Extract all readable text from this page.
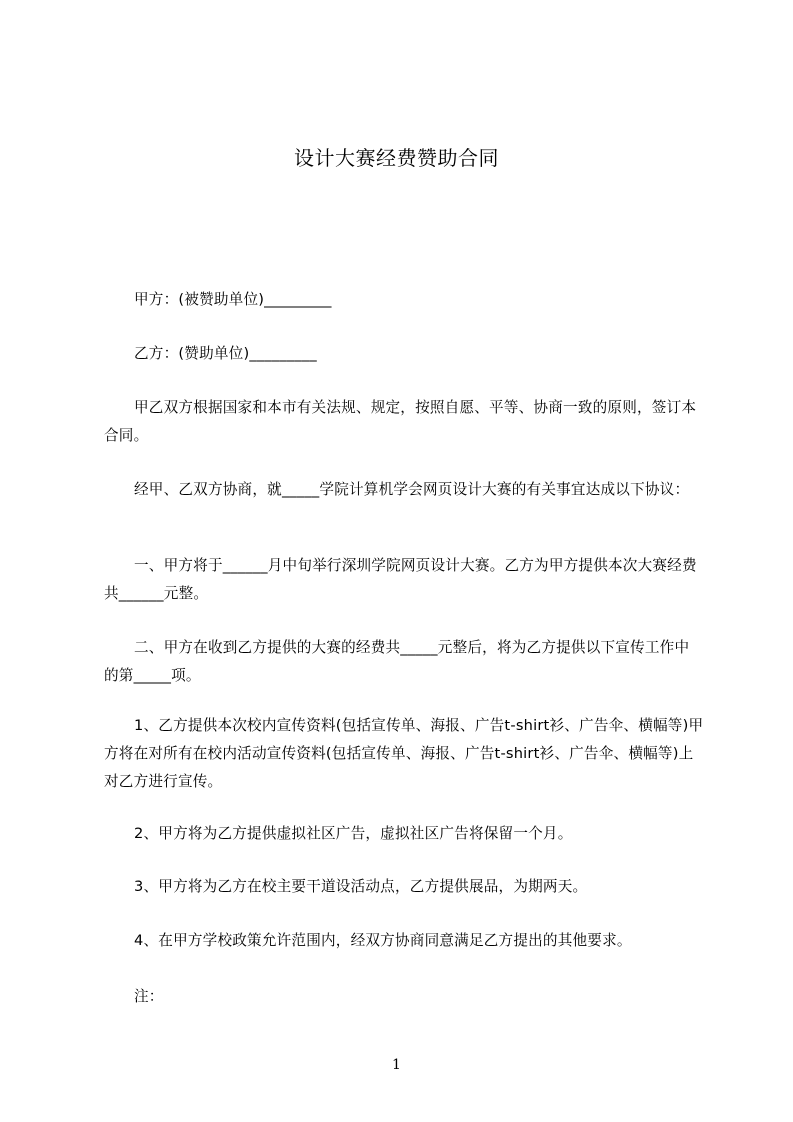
设计大赛经费赞助合同
甲方：(被赞助单位)_________
乙方：(赞助单位)_________
甲乙双方根据国家和本市有关法规、规定，按照自愿、平等、协商一致的原则，签订本合同。
经甲、乙双方协商，就_____学院计算机学会网页设计大赛的有关事宜达成以下协议：
一、甲方将于______月中旬举行深圳学院网页设计大赛。乙方为甲方提供本次大赛经费共______元整。
二、甲方在收到乙方提供的大赛的经费共_____元整后，将为乙方提供以下宣传工作中的第_____项。
1、乙方提供本次校内宣传资料(包括宣传单、海报、广告t-shirt衫、广告伞、横幅等)甲方将在对所有在校内活动宣传资料(包括宣传单、海报、广告t-shirt衫、广告伞、横幅等)上对乙方进行宣传。
2、甲方将为乙方提供虚拟社区广告，虚拟社区广告将保留一个月。
3、甲方将为乙方在校主要干道设活动点，乙方提供展品，为期两天。
4、在甲方学校政策允许范围内，经双方协商同意满足乙方提出的其他要求。
注：
1
